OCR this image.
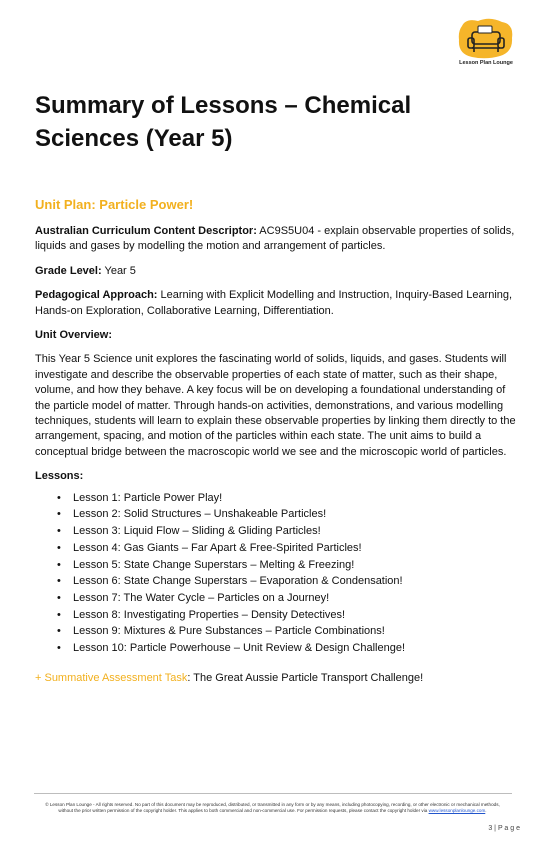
Lesson Plan Lounge
Summary of Lessons – Chemical Sciences (Year 5)
Unit Plan: Particle Power!

Australian Curriculum Content Descriptor: AC9S5U04 - explain observable properties of solids, liquids and gases by modelling the motion and arrangement of particles.

Grade Level: Year 5

Pedagogical Approach: Learning with Explicit Modelling and Instruction, Inquiry-Based Learning, Hands-on Exploration, Collaborative Learning, Differentiation.

Unit Overview:

This Year 5 Science unit explores the fascinating world of solids, liquids, and gases. Students will investigate and describe the observable properties of each state of matter, such as their shape, volume, and how they behave. A key focus will be on developing a foundational understanding of the particle model of matter. Through hands-on activities, demonstrations, and various modelling techniques, students will learn to explain these observable properties by linking them directly to the arrangement, spacing, and motion of the particles within each state. The unit aims to build a conceptual bridge between the macroscopic world we see and the microscopic world of particles.

Lessons:

• Lesson 1: Particle Power Play!
• Lesson 2: Solid Structures – Unshakeable Particles!
• Lesson 3: Liquid Flow – Sliding & Gliding Particles!
• Lesson 4: Gas Giants – Far Apart & Free-Spirited Particles!
• Lesson 5: State Change Superstars – Melting & Freezing!
• Lesson 6: State Change Superstars – Evaporation & Condensation!
• Lesson 7: The Water Cycle – Particles on a Journey!
• Lesson 8: Investigating Properties – Density Detectives!
• Lesson 9: Mixtures & Pure Substances – Particle Combinations!
• Lesson 10: Particle Powerhouse – Unit Review & Design Challenge!

+ Summative Assessment Task: The Great Aussie Particle Transport Challenge!

© Lesson Plan Lounge - All rights reserved. No part of this document may be reproduced, distributed, or transmitted in any form or by any means, including photocopying, recording, or other electronic or mechanical methods, without the prior written permission of the copyright holder. This applies to both commercial and non-commercial use. For permission requests, please contact the copyright holder via www.lessonplanlounge.com.
3 | P a g e
